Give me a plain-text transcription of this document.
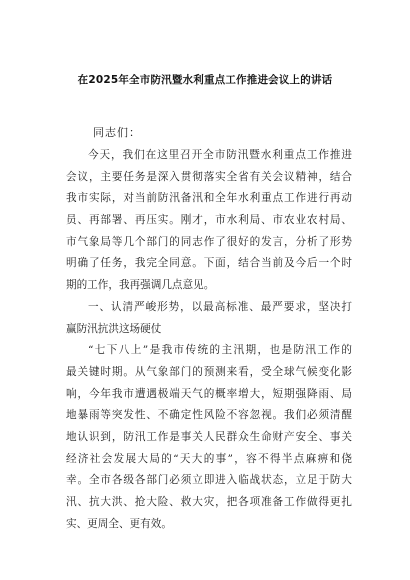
在2025年全市防汛暨水利重点工作推进会议上的讲话
同志们：
今天，我们在这里召开全市防汛暨水利重点工作推进
会议，主要任务是深入贯彻落实全省有关会议精神，结合
我市实际，对当前防汛备汛和全年水利重点工作进行再动
员、再部署、再压实。刚才，市水利局、市农业农村局、
市气象局等几个部门的同志作了很好的发言，分析了形势
明确了任务，我完全同意。下面，结合当前及今后一个时
期的工作，我再强调几点意见。
一、认清严峻形势，以最高标准、最严要求，坚决打
赢防汛抗洪这场硬仗
“七下八上”是我市传统的主汛期，也是防汛工作的
最关键时期。从气象部门的预测来看，受全球气候变化影
响，今年我市遭遇极端天气的概率增大，短期强降雨、局
地暴雨等突发性、不确定性风险不容忽视。我们必须清醒
地认识到，防汛工作是事关人民群众生命财产安全、事关
经济社会发展大局的“天大的事”，容不得半点麻痹和侥
幸。全市各级各部门必须立即进入临战状态，立足于防大
汛、抗大洪、抢大险、救大灾，把各项准备工作做得更扎
实、更周全、更有效。
